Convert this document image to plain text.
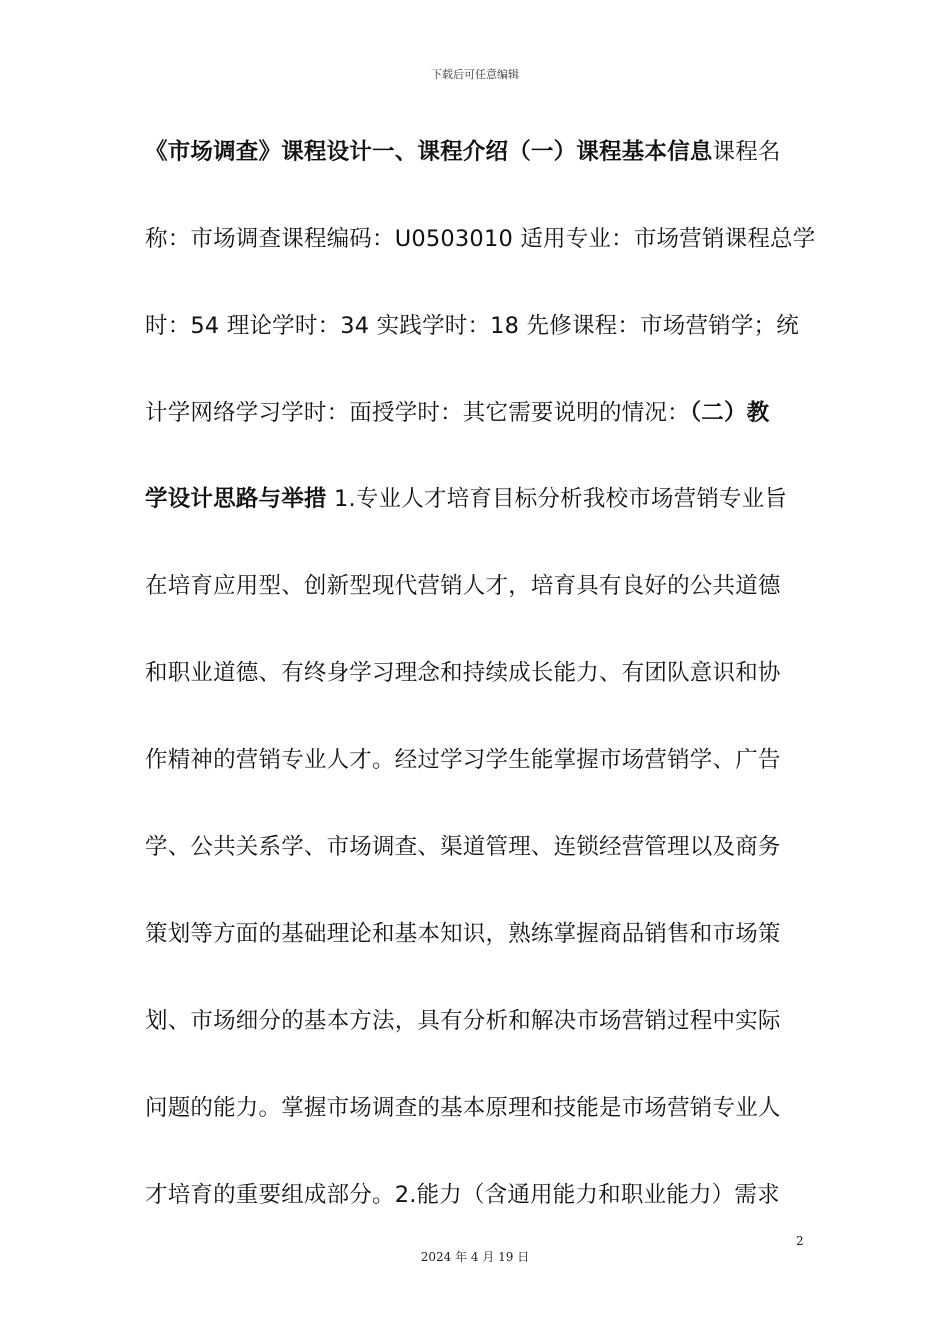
下载后可任意编辑
《市场调查》课程设计一、课程介绍（一）课程基本信息课程名
称：市场调查课程编码：U0503010 适用专业：市场营销课程总学
时：54 理论学时：34 实践学时：18 先修课程：市场营销学；统
计学网络学习学时：面授学时：其它需要说明的情况：（二）教
学设计思路与举措 1.专业人才培育目标分析我校市场营销专业旨
在培育应用型、创新型现代营销人才，培育具有良好的公共道德
和职业道德、有终身学习理念和持续成长能力、有团队意识和协
作精神的营销专业人才。经过学习学生能掌握市场营销学、广告
学、公共关系学、市场调查、渠道管理、连锁经营管理以及商务
策划等方面的基础理论和基本知识，熟练掌握商品销售和市场策
划、市场细分的基本方法，具有分析和解决市场营销过程中实际
问题的能力。掌握市场调查的基本原理和技能是市场营销专业人
才培育的重要组成部分。2.能力（含通用能力和职业能力）需求
2
2024 年 4 月 19 日
